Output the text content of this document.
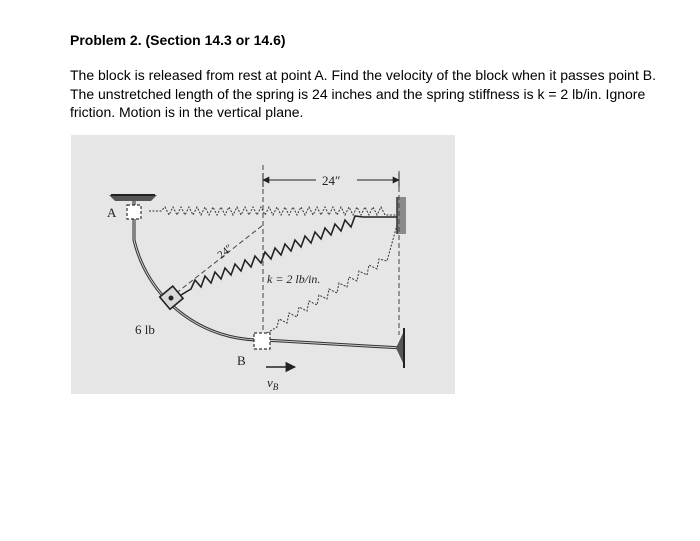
Problem 2. (Section 14.3 or 14.6)
The block is released from rest at point A. Find the velocity of the block when it passes point B.
The unstretched length of the spring is 24 inches and the spring stiffness is k = 2 lb/in. Ignore
friction. Motion is in the vertical plane.
24″
24″
A
B
6 lb
k = 2 lb/in.
$v_B$
